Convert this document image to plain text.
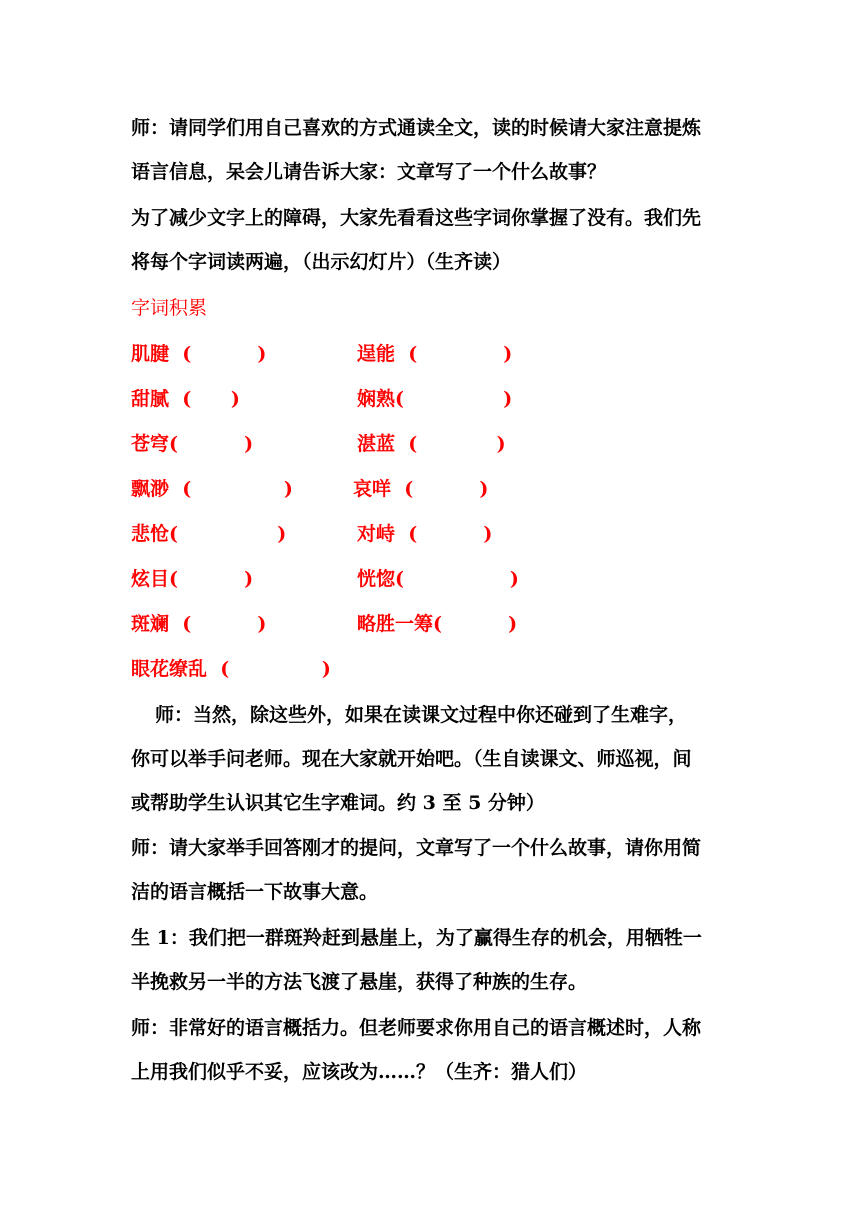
师：请同学们用自己喜欢的方式通读全文，读的时候请大家注意提炼
语言信息，呆会儿请告诉大家：文章写了一个什么故事？
为了减少文字上的障碍，大家先看看这些字词你掌握了没有。我们先
将每个字词读两遍，（出示幻灯片）（生齐读）
字词积累
肌腱  (          )	逞能  (             )
甜腻  (      )	娴熟(               )
苍穹(          )	湛蓝  (            )
飘渺  (              )	哀咩  (          )
悲怆(               )	对峙  (          )
炫目(          )	恍惚(                )
斑斓  (          )	略胜一筹(          )
眼花缭乱  (              )
师：当然，除这些外，如果在读课文过程中你还碰到了生难字，
你可以举手问老师。现在大家就开始吧。（生自读课文、师巡视，间
或帮助学生认识其它生字难词。约 3 至 5 分钟）
师：请大家举手回答刚才的提问，文章写了一个什么故事，请你用简
洁的语言概括一下故事大意。
生 1：我们把一群斑羚赶到悬崖上，为了赢得生存的机会，用牺牲一
半挽救另一半的方法飞渡了悬崖，获得了种族的生存。
师：非常好的语言概括力。但老师要求你用自己的语言概述时，人称
上用我们似乎不妥，应该改为……？（生齐：猎人们）
